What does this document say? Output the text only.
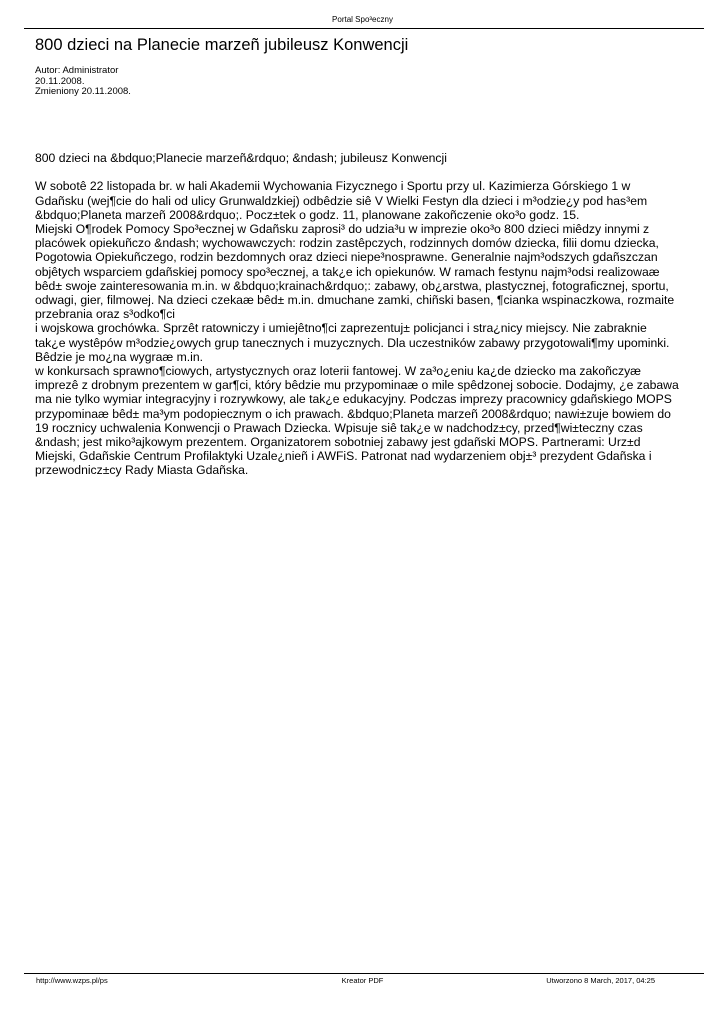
Portal Spo³eczny
800 dzieci na Planecie marzeñ jubileusz Konwencji
Autor: Administrator
20.11.2008.
Zmieniony 20.11.2008.

800 dzieci na &bdquo;Planecie marzeñ&rdquo; &ndash; jubileusz Konwencji

W sobotê 22 listopada br. w hali Akademii Wychowania Fizycznego i Sportu przy ul. Kazimierza Górskiego 1 w

Gdañsku (wej¶cie do hali od ulicy Grunwaldzkiej) odbêdzie siê V Wielki Festyn dla dzieci i m³odzie¿y pod has³em

&bdquo;Planeta marzeñ 2008&rdquo;. Pocz±tek o godz. 11, planowane zakoñczenie oko³o godz. 15.

Miejski O¶rodek Pomocy Spo³ecznej w Gdañsku zaprosi³ do udzia³u w imprezie oko³o 800 dzieci miêdzy innymi z

placówek opiekuñczo &ndash; wychowawczych: rodzin zastêpczych, rodzinnych domów dziecka, filii domu dziecka,

Pogotowia Opiekuñczego, rodzin bezdomnych oraz dzieci niepe³nosprawne. Generalnie najm³odszych gdañszczan

objêtych wsparciem gdañskiej pomocy spo³ecznej, a tak¿e ich opiekunów. W ramach festynu najm³odsi realizowaæ

bêd± swoje zainteresowania m.in. w &bdquo;krainach&rdquo;: zabawy, ob¿arstwa, plastycznej, fotograficznej, sportu,

odwagi, gier, filmowej. Na dzieci czekaæ bêd± m.in. dmuchane zamki, chiñski basen, ¶cianka wspinaczkowa, rozmaite

przebrania oraz s³odko¶ci

i wojskowa grochówka. Sprzêt ratowniczy i umiejêtno¶ci zaprezentuj± policjanci i stra¿nicy miejscy. Nie zabraknie

tak¿e wystêpów m³odzie¿owych grup tanecznych i muzycznych. Dla uczestników zabawy przygotowali¶my upominki.

Bêdzie je mo¿na wygraæ m.in.

w konkursach sprawno¶ciowych, artystycznych oraz loterii fantowej. W za³o¿eniu ka¿de dziecko ma zakoñczyæ

imprezê z drobnym prezentem w gar¶ci, który bêdzie mu przypominaæ o mile spêdzonej sobocie. Dodajmy, ¿e zabawa

ma nie tylko wymiar integracyjny i rozrywkowy, ale tak¿e edukacyjny. Podczas imprezy pracownicy gdañskiego MOPS

przypominaæ bêd± ma³ym podopiecznym o ich prawach. &bdquo;Planeta marzeñ 2008&rdquo; nawi±zuje bowiem do

19 rocznicy uchwalenia Konwencji o Prawach Dziecka. Wpisuje siê tak¿e w nadchodz±cy, przed¶wi±teczny czas

&ndash; jest miko³ajkowym prezentem. Organizatorem sobotniej zabawy jest gdañski MOPS. Partnerami: Urz±d

Miejski, Gdañskie Centrum Profilaktyki Uzale¿nieñ i AWFiS. Patronat nad wydarzeniem obj±³ prezydent Gdañska i

przewodnicz±cy Rady Miasta Gdañska.

http://www.wzps.pl/ps	Kreator PDF	Utworzono 8 March, 2017, 04:25
